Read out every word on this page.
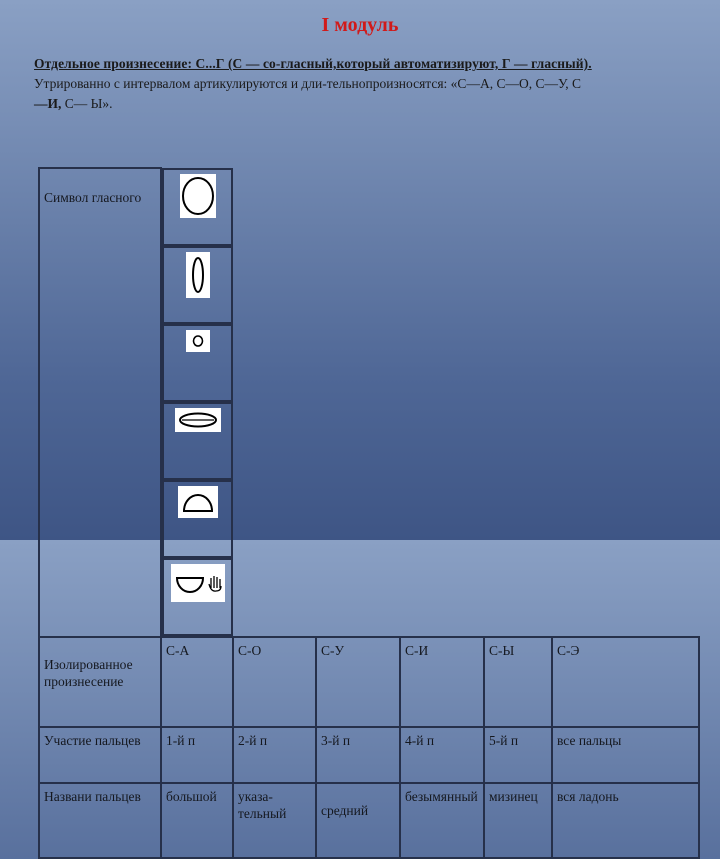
I модуль
Отдельное произнесение: С...Г (С — со-гласный,который автоматизируют, Г — гласный).
Утрированно с интервалом артикулируются и дли-тельнопроизносятся: «С—А, С—О, С—У, С
—И, С— Ы».
Символ гласного	

Изолированное произнесение	С-А	С-О	С-У	С-И	С-Ы	С-Э
Участие пальцев	1-й п	2-й п	3-й п	4-й п	5-й п	все пальцы
Названи пальцев	большой	указа-тельный	средний	безымянный	мизинец	вся ладонь
